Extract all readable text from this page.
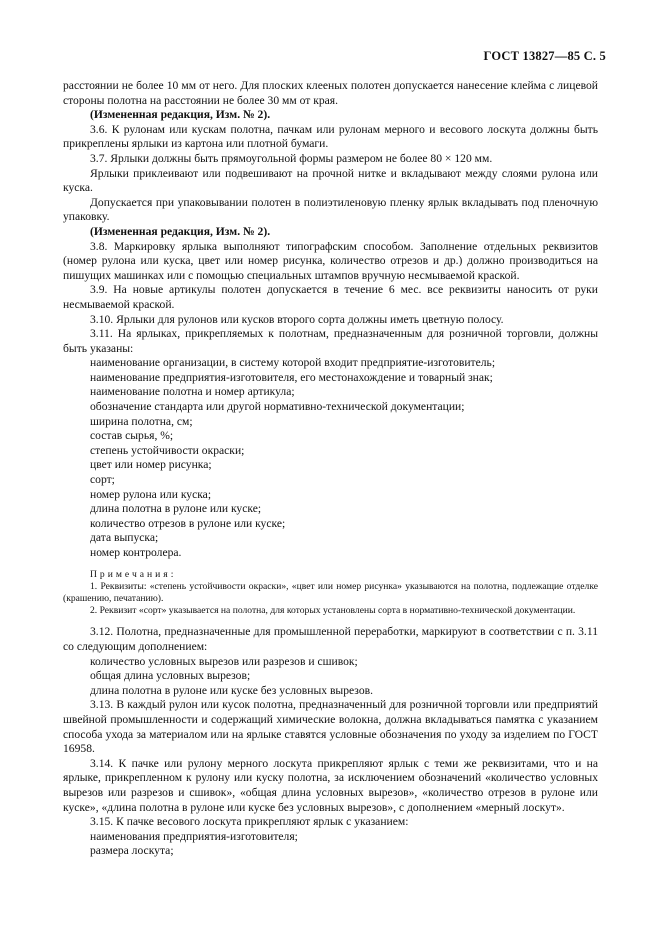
ГОСТ 13827—85 С. 5

расстоянии не более 10 мм от него. Для плоских клееных полотен допускается нанесение клейма с лицевой стороны полотна на расстоянии не более 30 мм от края.

(Измененная редакция, Изм. № 2).

3.6. К рулонам или кускам полотна, пачкам или рулонам мерного и весового лоскута должны быть прикреплены ярлыки из картона или плотной бумаги.

3.7. Ярлыки должны быть прямоугольной формы размером не более 80 × 120 мм.

Ярлыки приклеивают или подвешивают на прочной нитке и вкладывают между слоями рулона или куска.

Допускается при упаковывании полотен в полиэтиленовую пленку ярлык вкладывать под пленочную упаковку.

(Измененная редакция, Изм. № 2).

3.8. Маркировку ярлыка выполняют типографским способом. Заполнение отдельных реквизитов (номер рулона или куска, цвет или номер рисунка, количество отрезов и др.) должно производиться на пишущих машинках или с помощью специальных штампов вручную несмываемой краской.

3.9. На новые артикулы полотен допускается в течение 6 мес. все реквизиты наносить от руки несмываемой краской.

3.10. Ярлыки для рулонов или кусков второго сорта должны иметь цветную полосу.

3.11. На ярлыках, прикрепляемых к полотнам, предназначенным для розничной торговли, должны быть указаны:

наименование организации, в систему которой входит предприятие-изготовитель;

наименование предприятия-изготовителя, его местонахождение и товарный знак;

наименование полотна и номер артикула;

обозначение стандарта или другой нормативно-технической документации;

ширина полотна, см;

состав сырья, %;

степень устойчивости окраски;

цвет или номер рисунка;

сорт;

номер рулона или куска;

длина полотна в рулоне или куске;

количество отрезов в рулоне или куске;

дата выпуска;

номер контролера.

Примечания:

1. Реквизиты: «степень устойчивости окраски», «цвет или номер рисунка» указываются на полотна, подлежащие отделке (крашению, печатанию).

2. Реквизит «сорт» указывается на полотна, для которых установлены сорта в нормативно-технической документации.

3.12. Полотна, предназначенные для промышленной переработки, маркируют в соответствии с п. 3.11 со следующим дополнением:

количество условных вырезов или разрезов и сшивок;

общая длина условных вырезов;

длина полотна в рулоне или куске без условных вырезов.

3.13. В каждый рулон или кусок полотна, предназначенный для розничной торговли или предприятий швейной промышленности и содержащий химические волокна, должна вкладываться памятка с указанием способа ухода за материалом или на ярлыке ставятся условные обозначения по уходу за изделием по ГОСТ 16958.

3.14. К пачке или рулону мерного лоскута прикрепляют ярлык с теми же реквизитами, что и на ярлыке, прикрепленном к рулону или куску полотна, за исключением обозначений «количество условных вырезов или разрезов и сшивок», «общая длина условных вырезов», «количество отрезов в рулоне или куске», «длина полотна в рулоне или куске без условных вырезов», с дополнением «мерный лоскут».

3.15. К пачке весового лоскута прикрепляют ярлык с указанием:

наименования предприятия-изготовителя;

размера лоскута;
